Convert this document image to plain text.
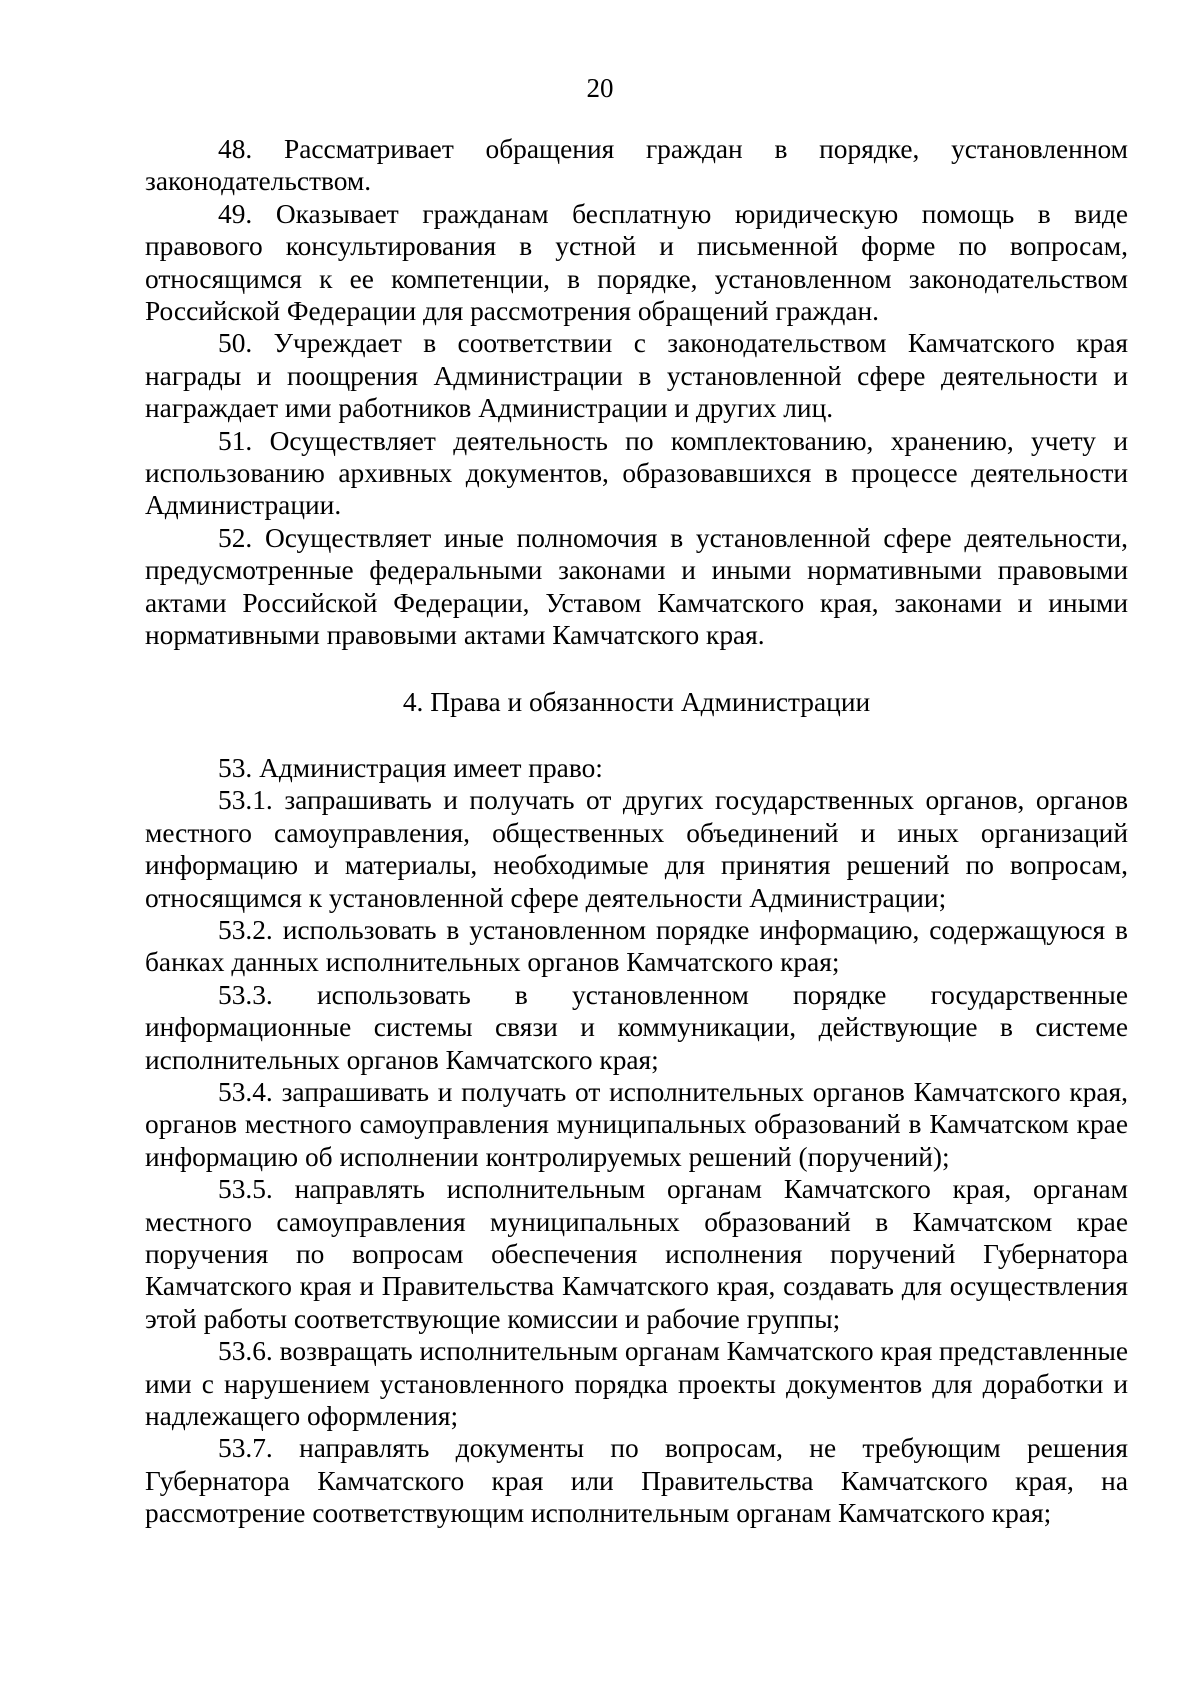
20

48. Рассматривает обращения граждан в порядке, установленном законодательством.

49. Оказывает гражданам бесплатную юридическую помощь в виде правового консультирования в устной и письменной форме по вопросам, относящимся к ее компетенции, в порядке, установленном законодательством Российской Федерации для рассмотрения обращений граждан.

50. Учреждает в соответствии с законодательством Камчатского края награды и поощрения Администрации в установленной сфере деятельности и награждает ими работников Администрации и других лиц.

51. Осуществляет деятельность по комплектованию, хранению, учету и использованию архивных документов, образовавшихся в процессе деятельности Администрации.

52. Осуществляет иные полномочия в установленной сфере деятельности, предусмотренные федеральными законами и иными нормативными правовыми актами Российской Федерации, Уставом Камчатского края, законами и иными нормативными правовыми актами Камчатского края.

4. Права и обязанности Администрации

53. Администрация имеет право:

53.1. запрашивать и получать от других государственных органов, органов местного самоуправления, общественных объединений и иных организаций информацию и материалы, необходимые для принятия решений по вопросам, относящимся к установленной сфере деятельности Администрации;

53.2. использовать в установленном порядке информацию, содержащуюся в банках данных исполнительных органов Камчатского края;

53.3. использовать в установленном порядке государственные информационные системы связи и коммуникации, действующие в системе исполнительных органов Камчатского края;

53.4. запрашивать и получать от исполнительных органов Камчатского края, органов местного самоуправления муниципальных образований в Камчатском крае информацию об исполнении контролируемых решений (поручений);

53.5. направлять исполнительным органам Камчатского края, органам местного самоуправления муниципальных образований в Камчатском крае поручения по вопросам обеспечения исполнения поручений Губернатора Камчатского края и Правительства Камчатского края, создавать для осуществления этой работы соответствующие комиссии и рабочие группы;

53.6. возвращать исполнительным органам Камчатского края представленные ими с нарушением установленного порядка проекты документов для доработки и надлежащего оформления;

53.7. направлять документы по вопросам, не требующим решения Губернатора Камчатского края или Правительства Камчатского края, на рассмотрение соответствующим исполнительным органам Камчатского края;
